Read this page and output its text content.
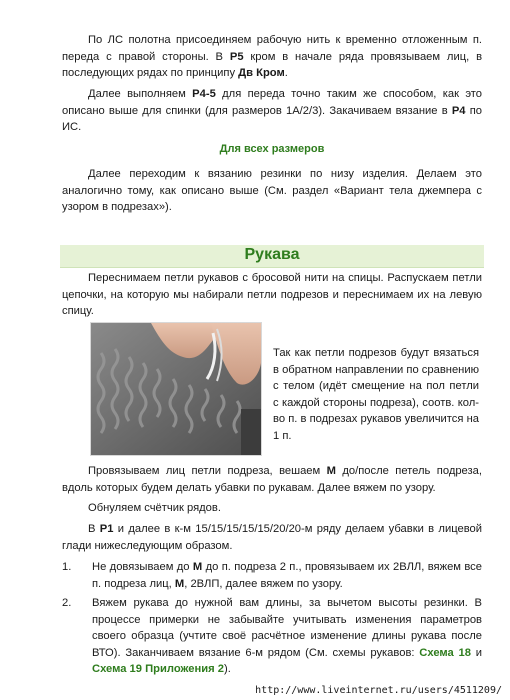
По ЛС полотна присоединяем рабочую нить к временно отложенным п. переда с правой стороны. В Р5 кром в начале ряда провязываем лиц, в последующих рядах по принципу Дв Кром.

Далее выполняем Р4-5 для переда точно таким же способом, как это описано выше для спинки (для размеров 1А/2/3). Закачиваем вязание в Р4 по ИС.

Для всех размеров

Далее переходим к вязанию резинки по низу изделия. Делаем это аналогично тому, как описано выше (См. раздел «Вариант тела джемпера с узором в подрезах»).

Рукава

Переснимаем петли рукавов с бросовой нити на спицы. Распускаем петли цепочки, на которую мы набирали петли подрезов и переснимаем их на левую спицу.

Так как петли подрезов будут вязаться в обратном направлении по сравнению с телом (идёт смещение на пол петли с каждой стороны подреза), соотв. кол-во п. в подрезах рукавов увеличится на 1 п.

Провязываем лиц петли подреза, вешаем М до/после петель подреза, вдоль которых будем делать убавки по рукавам. Далее вяжем по узору.

Обнуляем счётчик рядов.

В Р1 и далее в к-м 15/15/15/15/15/20/20-м ряду делаем убавки в лицевой глади нижеследующим образом.

1. Не довязываем до М до п. подреза 2 п., провязываем их 2ВЛЛ, вяжем все п. подреза лиц, М, 2ВЛП, далее вяжем по узору.

2. Вяжем рукава до нужной вам длины, за вычетом высоты резинки. В процессе примерки не забывайте учитывать изменения параметров своего образца (учтите своё расчётное изменение длины рукава после ВТО). Заканчиваем вязание 6-м рядом (См. схемы рукавов: Схема 18 и Схема 19 Приложения 2).

http://www.liveinternet.ru/users/4511209/
